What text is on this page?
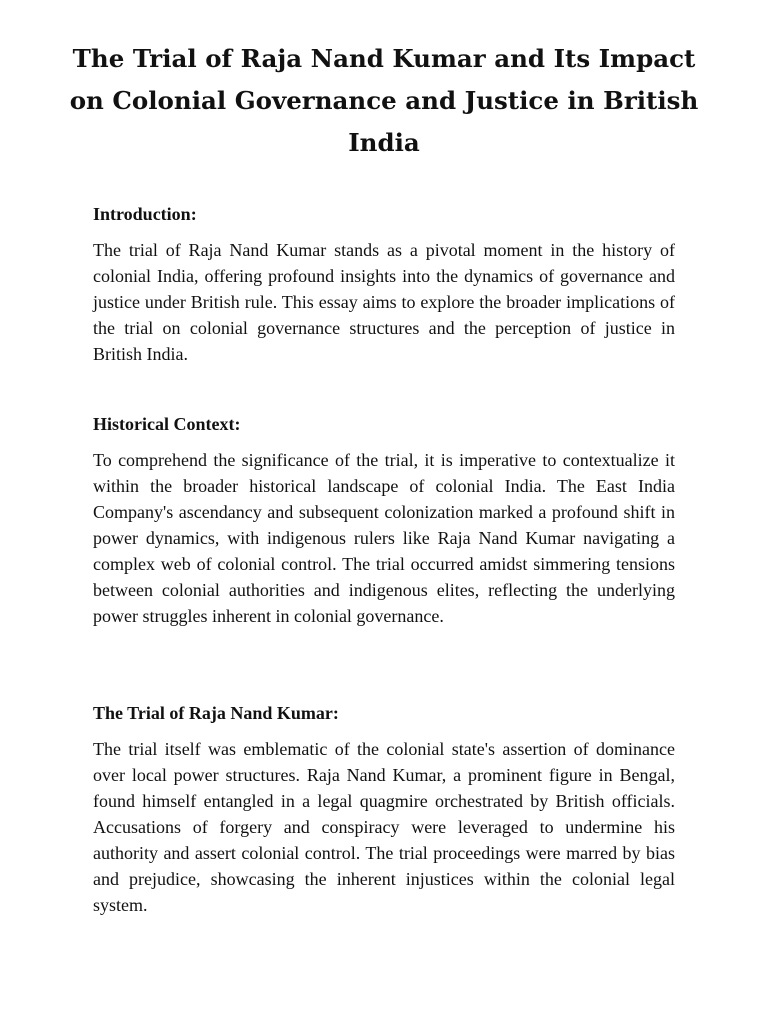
The Trial of Raja Nand Kumar and Its Impact on Colonial Governance and Justice in British India
Introduction:

The trial of Raja Nand Kumar stands as a pivotal moment in the history of colonial India, offering profound insights into the dynamics of governance and justice under British rule. This essay aims to explore the broader implications of the trial on colonial governance structures and the perception of justice in British India.

Historical Context:

To comprehend the significance of the trial, it is imperative to contextualize it within the broader historical landscape of colonial India. The East India Company's ascendancy and subsequent colonization marked a profound shift in power dynamics, with indigenous rulers like Raja Nand Kumar navigating a complex web of colonial control. The trial occurred amidst simmering tensions between colonial authorities and indigenous elites, reflecting the underlying power struggles inherent in colonial governance.

The Trial of Raja Nand Kumar:

The trial itself was emblematic of the colonial state's assertion of dominance over local power structures. Raja Nand Kumar, a prominent figure in Bengal, found himself entangled in a legal quagmire orchestrated by British officials. Accusations of forgery and conspiracy were leveraged to undermine his authority and assert colonial control. The trial proceedings were marred by bias and prejudice, showcasing the inherent injustices within the colonial legal system.
